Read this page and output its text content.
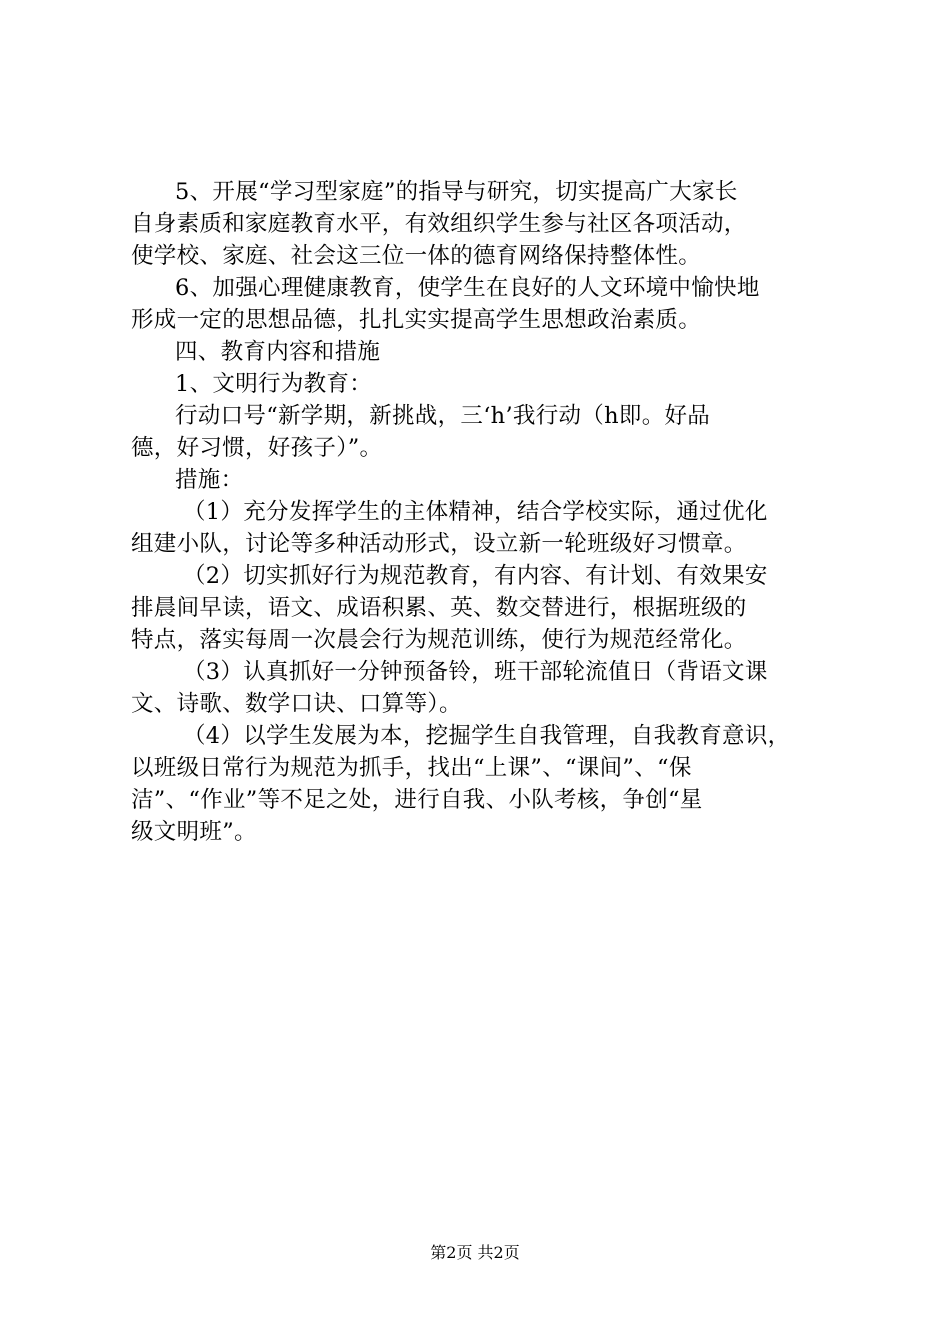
5、开展“学习型家庭”的指导与研究，切实提高广大家长
自身素质和家庭教育水平，有效组织学生参与社区各项活动，
使学校、家庭、社会这三位一体的德育网络保持整体性。
6、加强心理健康教育，使学生在良好的人文环境中愉快地
形成一定的思想品德，扎扎实实提高学生思想政治素质。
四、教育内容和措施
1、文明行为教育：
行动口号“新学期，新挑战，三‘h’我行动（h即。好品
德，好习惯，好孩子）”。
措施：
（1）充分发挥学生的主体精神，结合学校实际，通过优化
组建小队，讨论等多种活动形式，设立新一轮班级好习惯章。
（2）切实抓好行为规范教育，有内容、有计划、有效果安
排晨间早读，语文、成语积累、英、数交替进行，根据班级的
特点，落实每周一次晨会行为规范训练，使行为规范经常化。
（3）认真抓好一分钟预备铃，班干部轮流值日（背语文课
文、诗歌、数学口诀、口算等）。
（4）以学生发展为本，挖掘学生自我管理，自我教育意识，
以班级日常行为规范为抓手，找出“上课”、“课间”、“保
洁”、“作业”等不足之处，进行自我、小队考核，争创“星
级文明班”。
第2页 共2页
